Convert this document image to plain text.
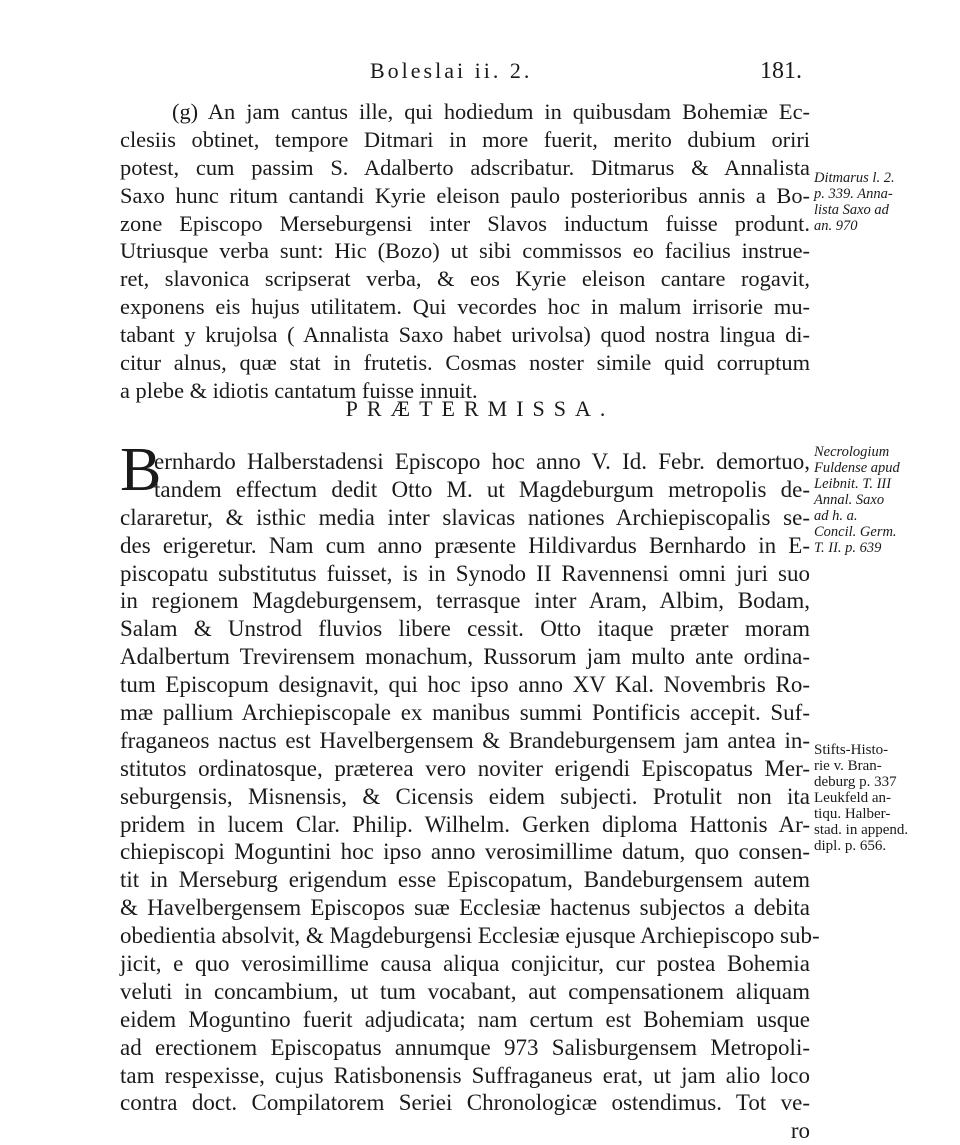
Boleslai ii. 2.	181.
(g) An jam cantus ille, qui hodiedum in quibusdam Bohemiæ Ec-
clesiis obtinet, tempore Ditmari in more fuerit, merito dubium oriri
potest, cum passim S. Adalberto adscribatur. Ditmarus & Annalista
Saxo hunc ritum cantandi Kyrie eleison paulo posterioribus annis a Bo-
zone Episcopo Merseburgensi inter Slavos inductum fuisse produnt.
Utriusque verba sunt: Hic (Bozo) ut sibi commissos eo facilius instrue-
ret, slavonica scripserat verba, & eos Kyrie eleison cantare rogavit,
exponens eis hujus utilitatem. Qui vecordes hoc in malum irrisorie mu-
tabant y krujolsa ( Annalista Saxo habet urivolsa) quod nostra lingua di-
citur alnus, quæ stat in frutetis. Cosmas noster simile quid corruptum
a plebe & idiotis cantatum fuisse innuit.
Ditmarus l. 2.
p. 339. Anna-
lista Saxo ad
an. 970
PRÆTERMISSA.
B
ernhardo Halberstadensi Episcopo hoc anno V. Id. Febr. demortuo,
tandem effectum dedit Otto M. ut Magdeburgum metropolis de-
clararetur, & isthic media inter slavicas nationes Archiepiscopalis se-
des erigeretur. Nam cum anno præsente Hildivardus Bernhardo in E-
piscopatu substitutus fuisset, is in Synodo II Ravennensi omni juri suo
in regionem Magdeburgensem, terrasque inter Aram, Albim, Bodam,
Salam & Unstrod fluvios libere cessit. Otto itaque præter moram
Adalbertum Trevirensem monachum, Russorum jam multo ante ordina-
tum Episcopum designavit, qui hoc ipso anno XV Kal. Novembris Ro-
mæ pallium Archiepiscopale ex manibus summi Pontificis accepit. Suf-
fraganeos nactus est Havelbergensem & Brandeburgensem jam antea in-
stitutos ordinatosque, præterea vero noviter erigendi Episcopatus Mer-
seburgensis, Misnensis, & Cicensis eidem subjecti. Protulit non ita
pridem in lucem Clar. Philip. Wilhelm. Gerken diploma Hattonis Ar-
chiepiscopi Moguntini hoc ipso anno verosimillime datum, quo consen-
tit in Merseburg erigendum esse Episcopatum, Bandeburgensem autem
& Havelbergensem Episcopos suæ Ecclesiæ hactenus subjectos a debita
obedientia absolvit, & Magdeburgensi Ecclesiæ ejusque Archiepiscopo sub-
jicit, e quo verosimillime causa aliqua conjicitur, cur postea Bohemia
veluti in concambium, ut tum vocabant, aut compensationem aliquam
eidem Moguntino fuerit adjudicata; nam certum est Bohemiam usque
ad erectionem Episcopatus annumque 973 Salisburgensem Metropoli-
tam respexisse, cujus Ratisbonensis Suffraganeus erat, ut jam alio loco
contra doct. Compilatorem Seriei Chronologicæ ostendimus. Tot ve-
ro
Necrologium
Fuldense apud
Leibnit. T. III
Annal. Saxo
ad h. a.
Concil. Germ.
T. II. p. 639
Stifts-Histo-
rie v. Bran-
deburg p. 337
Leukfeld an-
tiqu. Halber-
stad. in append.
dipl. p. 656.
